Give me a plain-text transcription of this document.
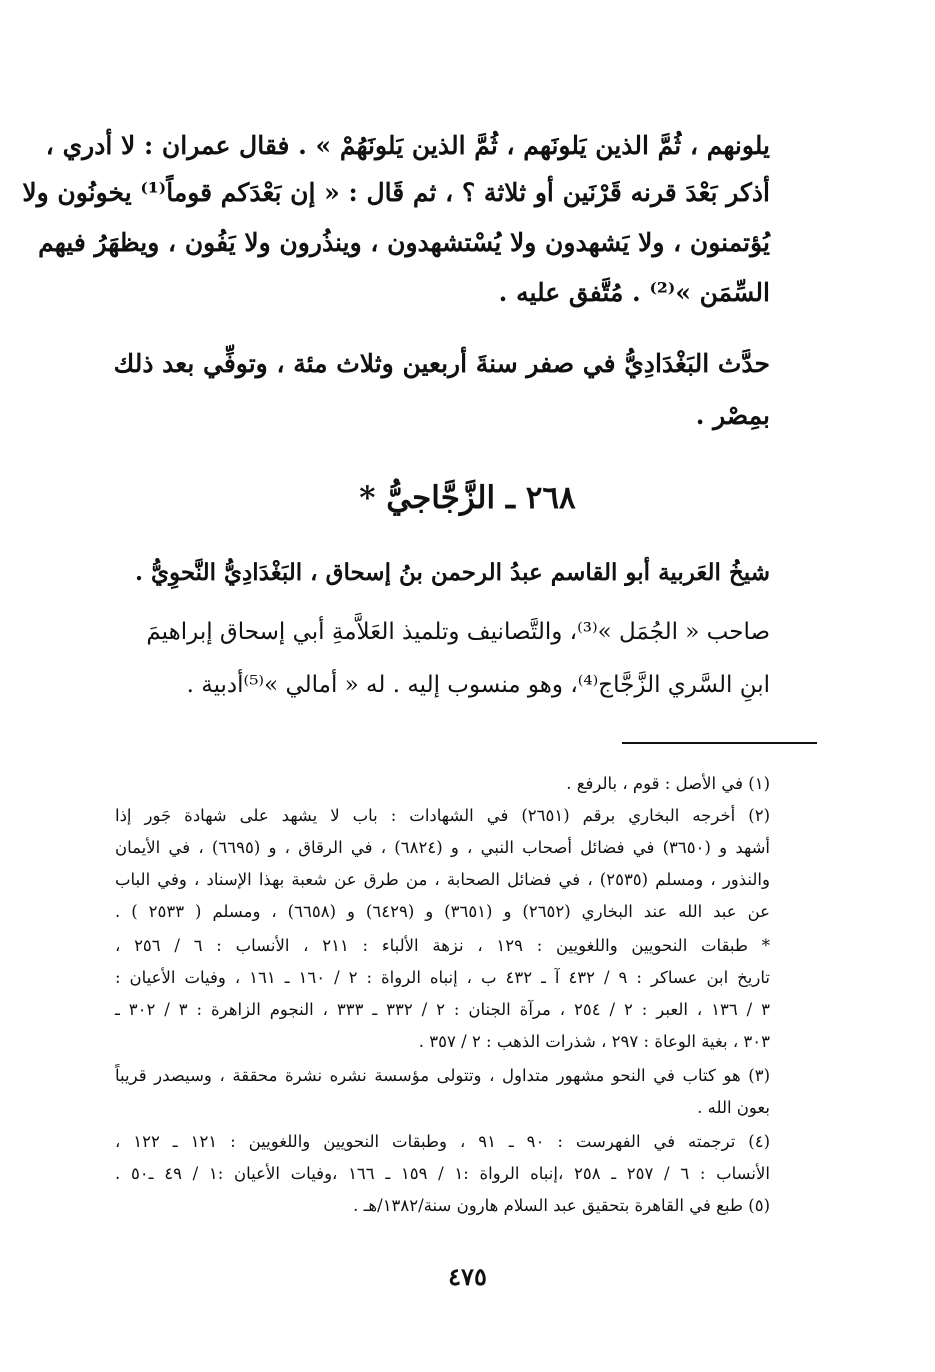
يلونهم ، ثُمَّ الذين يَلونَهم ، ثُمَّ الذين يَلونَهُمْ » . فقال عمران : لا أدري ،
أذكر بَعْدَ قرنه قَرْنَين أو ثلاثة ؟ ، ثم قَال : « إن بَعْدَكم قوماً⁽¹⁾ يخونُون ولا
يُؤتمنون ، ولا يَشهدون ولا يُسْتشهدون ، وينذُرون ولا يَفُون ، ويظهَرُ فيهم
السِّمَن »⁽²⁾ . مُتَّفق عليه .
حدَّث البَغْدَادِيُّ في صفر سنةَ أربعين وثلاث مئة ، وتوفِّي بعد ذلك
بمِصْر .
٢٦٨ ـ الزَّجَّاجيُّ *
شيخُ العَربية أبو القاسم عبدُ الرحمن بنُ إسحاق ، البَغْدَادِيُّ النَّحوِيُّ .
صاحب « الجُمَل »⁽³⁾، والتَّصانيف وتلميذ العَلاَّمةِ أبي إسحاق إبراهيمَ
ابنِ السَّري الزَّجَّاج⁽⁴⁾، وهو منسوب إليه . له « أمالي »⁽⁵⁾أدبية .
(١) في الأصل : قوم ، بالرفع .
(٢) أخرجه البخاري برقم (٢٦٥١) في الشهادات : باب لا يشهد على شهادة جَور إذا
أشهد و (٣٦٥٠) في فضائل أصحاب النبي ، و (٦٨٢٤) ، في الرقاق ، و (٦٦٩٥) ، في الأيمان
والنذور ، ومسلم (٢٥٣٥) ، في فضائل الصحابة ، من طرق عن شعبة بهذا الإسناد ، وفي الباب
عن عبد الله عند البخاري (٢٦٥٢) و (٣٦٥١) و (٦٤٢٩) و (٦٦٥٨) ، ومسلم ( ٢٥٣٣ ) .
* طبقات النحويين واللغويين : ١٢٩ ، نزهة الألباء : ٢١١ ، الأنساب : ٦ / ٢٥٦ ،
تاريخ ابن عساكر : ٩ / ٤٣٢ آ ـ ٤٣٢ ب ، إنباه الرواة : ٢ / ١٦٠ ـ ١٦١ ، وفيات الأعيان :
٣ / ١٣٦ ، العبر : ٢ / ٢٥٤ ، مرآة الجنان : ٢ / ٣٣٢ ـ ٣٣٣ ، النجوم الزاهرة : ٣ / ٣٠٢ ـ
٣٠٣ ، بغية الوعاة : ٢٩٧ ، شذرات الذهب : ٢ / ٣٥٧ .
(٣) هو كتاب في النحو مشهور متداول ، وتتولى مؤسسة نشره نشرة محققة ، وسيصدر قريباً
بعون الله .
(٤) ترجمته في الفهرست : ٩٠ ـ ٩١ ، وطبقات النحويين واللغويين : ١٢١ ـ ١٢٢ ،
الأنساب : ٦ / ٢٥٧ ـ ٢٥٨ ،إنباه الرواة :١ / ١٥٩ ـ ١٦٦ ،وفيات الأعيان :١ / ٤٩ ـ٥٠ .
(٥) طبع في القاهرة بتحقيق عبد السلام هارون سنة/١٣٨٢/هـ .
٤٧٥
